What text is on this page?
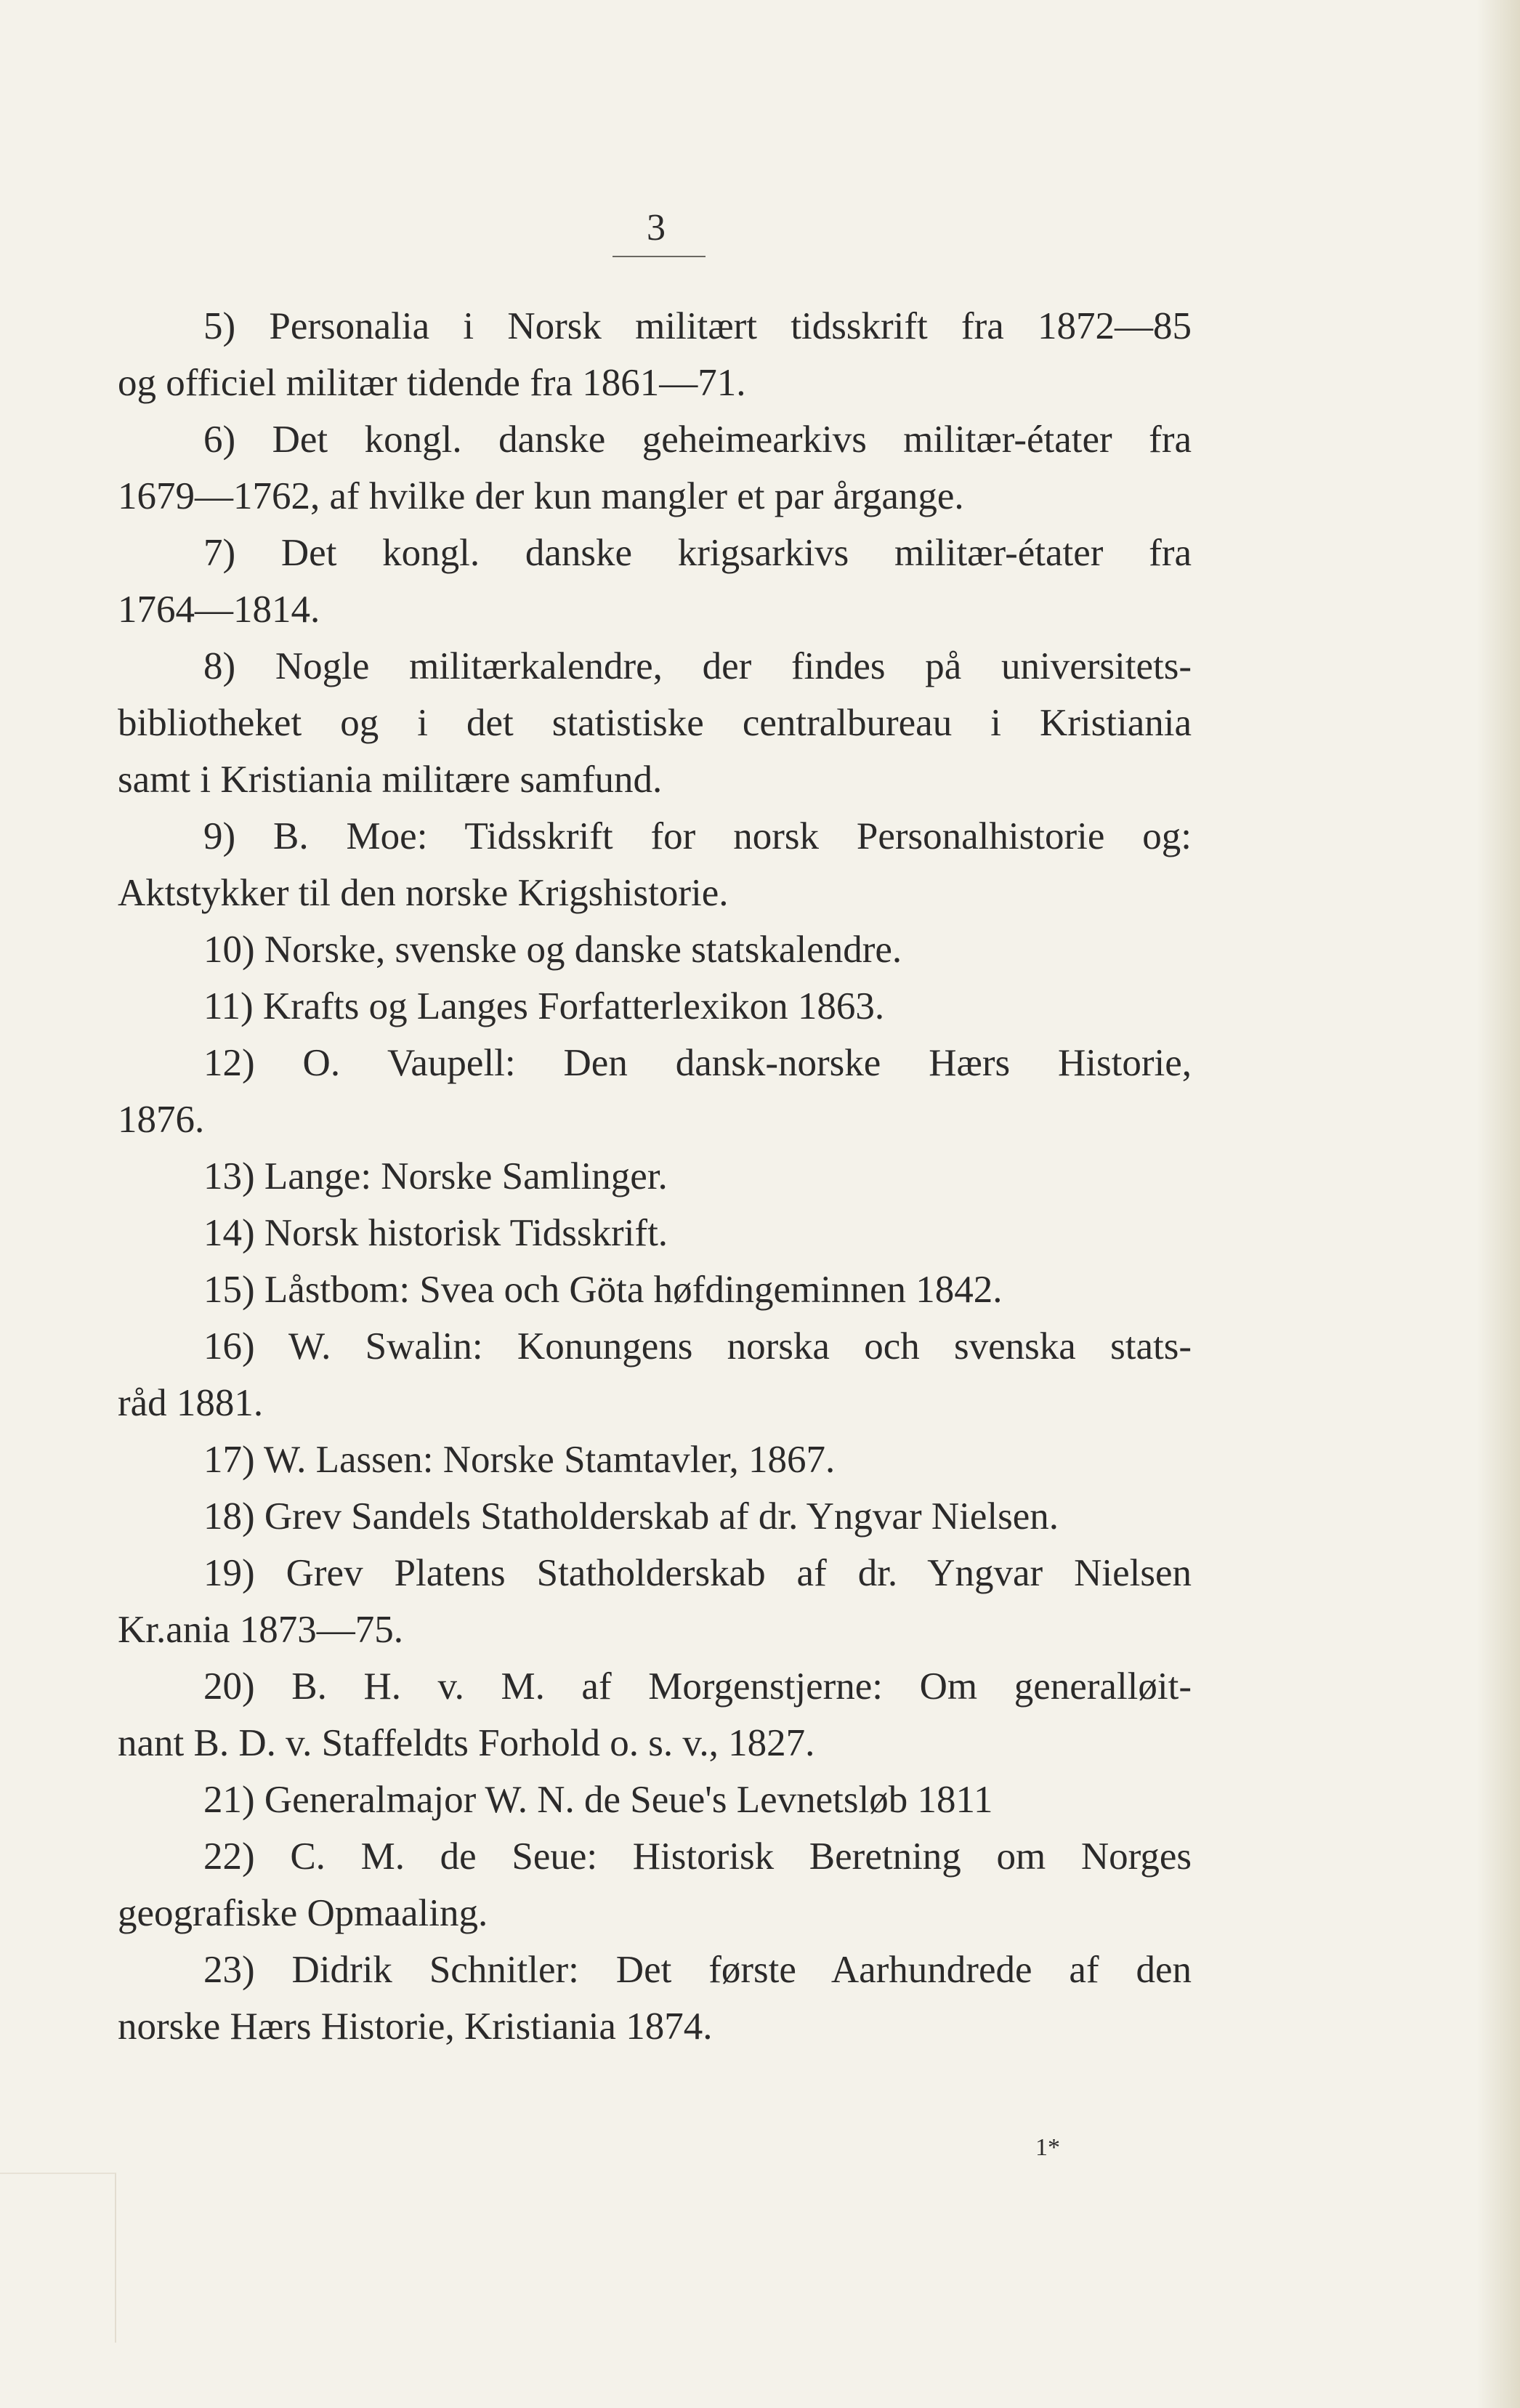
3
5) Personalia i Norsk militært tidsskrift fra 1872—85
og officiel militær tidende fra 1861—71.
6) Det kongl. danske geheimearkivs militær-étater fra
1679—1762, af hvilke der kun mangler et par årgange.
7) Det kongl. danske krigsarkivs militær-étater fra
1764—1814.
8) Nogle militærkalendre, der findes på universitets-
bibliotheket og i det statistiske centralbureau i Kristiania
samt i Kristiania militære samfund.
9) B. Moe: Tidsskrift for norsk Personalhistorie og:
Aktstykker til den norske Krigshistorie.
10) Norske, svenske og danske statskalendre.
11) Krafts og Langes Forfatterlexikon 1863.
12) O. Vaupell: Den dansk-norske Hærs Historie,
1876.
13) Lange: Norske Samlinger.
14) Norsk historisk Tidsskrift.
15) Låstbom: Svea och Göta høfdingeminnen 1842.
16) W. Swalin: Konungens norska och svenska stats-
råd 1881.
17) W. Lassen: Norske Stamtavler, 1867.
18) Grev Sandels Statholderskab af dr. Yngvar Nielsen.
19) Grev Platens Statholderskab af dr. Yngvar Nielsen
Kr.ania 1873—75.
20) B. H. v. M. af Morgenstjerne: Om generalløit-
nant B. D. v. Staffeldts Forhold o. s. v., 1827.
21) Generalmajor W. N. de Seue's Levnetsløb 1811
22) C. M. de Seue: Historisk Beretning om Norges
geografiske Opmaaling.
23) Didrik Schnitler: Det første Aarhundrede af den
norske Hærs Historie, Kristiania 1874.
1*
